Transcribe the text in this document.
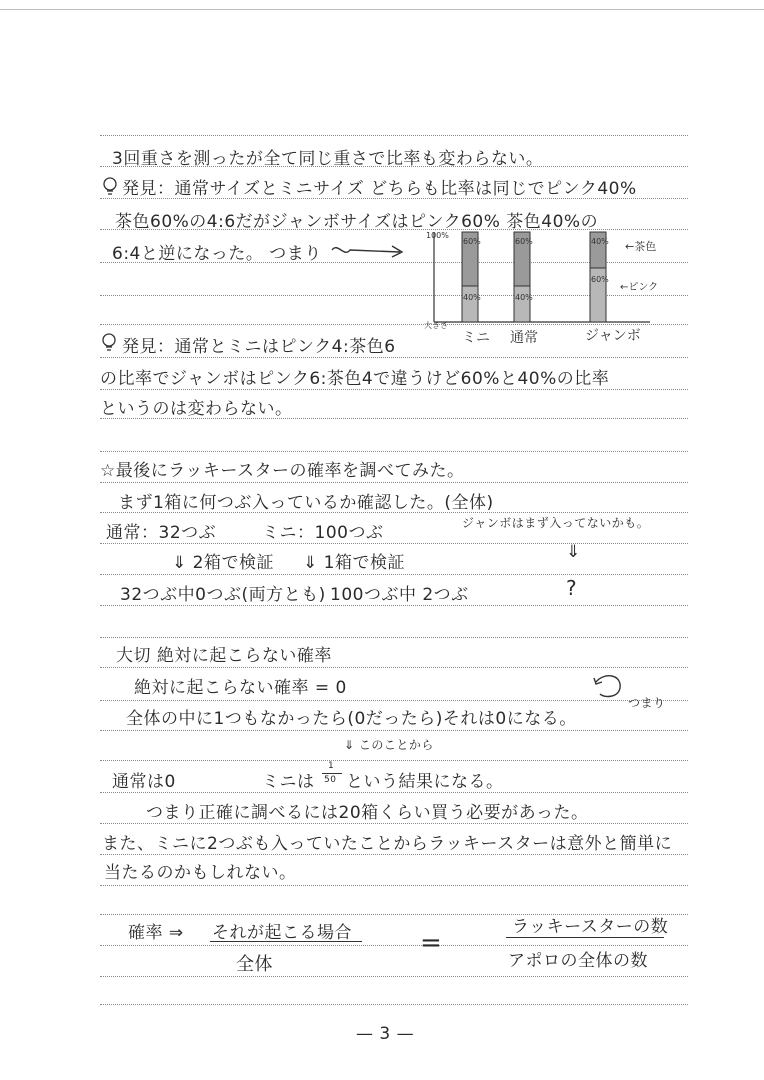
3回重さを測ったが全て同じ重さで比率も変わらない。
発見：通常サイズとミニサイズ どちらも比率は同じでピンク40%
茶色60%の4:6だがジャンボサイズはピンク60% 茶色40%の
6:4と逆になった。 つまり
100%
大きさ
60%
40%
60%
40%
40%
60%
←茶色
←ピンク
ミニ 通常	ジャンボ
発見：通常とミニはピンク4:茶色6
の比率でジャンボはピンク6:茶色4で違うけど60%と40%の比率
というのは変わらない。
☆最後にラッキースターの確率を調べてみた。
まず1箱に何つぶ入っているか確認した。(全体)
通常：32つぶ	ミニ：100つぶ	ジャンボはまず入ってないかも。
⇓ 2箱で検証 ⇓ 1箱で検証
⇓
32つぶ中0つぶ(両方とも) 100つぶ中 2つぶ	?
大切 絶対に起こらない確率
絶対に起こらない確率 = 0
全体の中に1つもなかったら(0だったら)それは0になる。
つまり
⇓ このことから
通常は0	ミニは
1
50 という結果になる。
つまり正確に調べるには20箱くらい買う必要があった。
また、ミニに2つぶも入っていたことからラッキースターは意外と簡単に
当たるのかもしれない。
確率 ⇒ それが起こる場合
全体
=
ラッキースターの数
アポロの全体の数
— 3 —
